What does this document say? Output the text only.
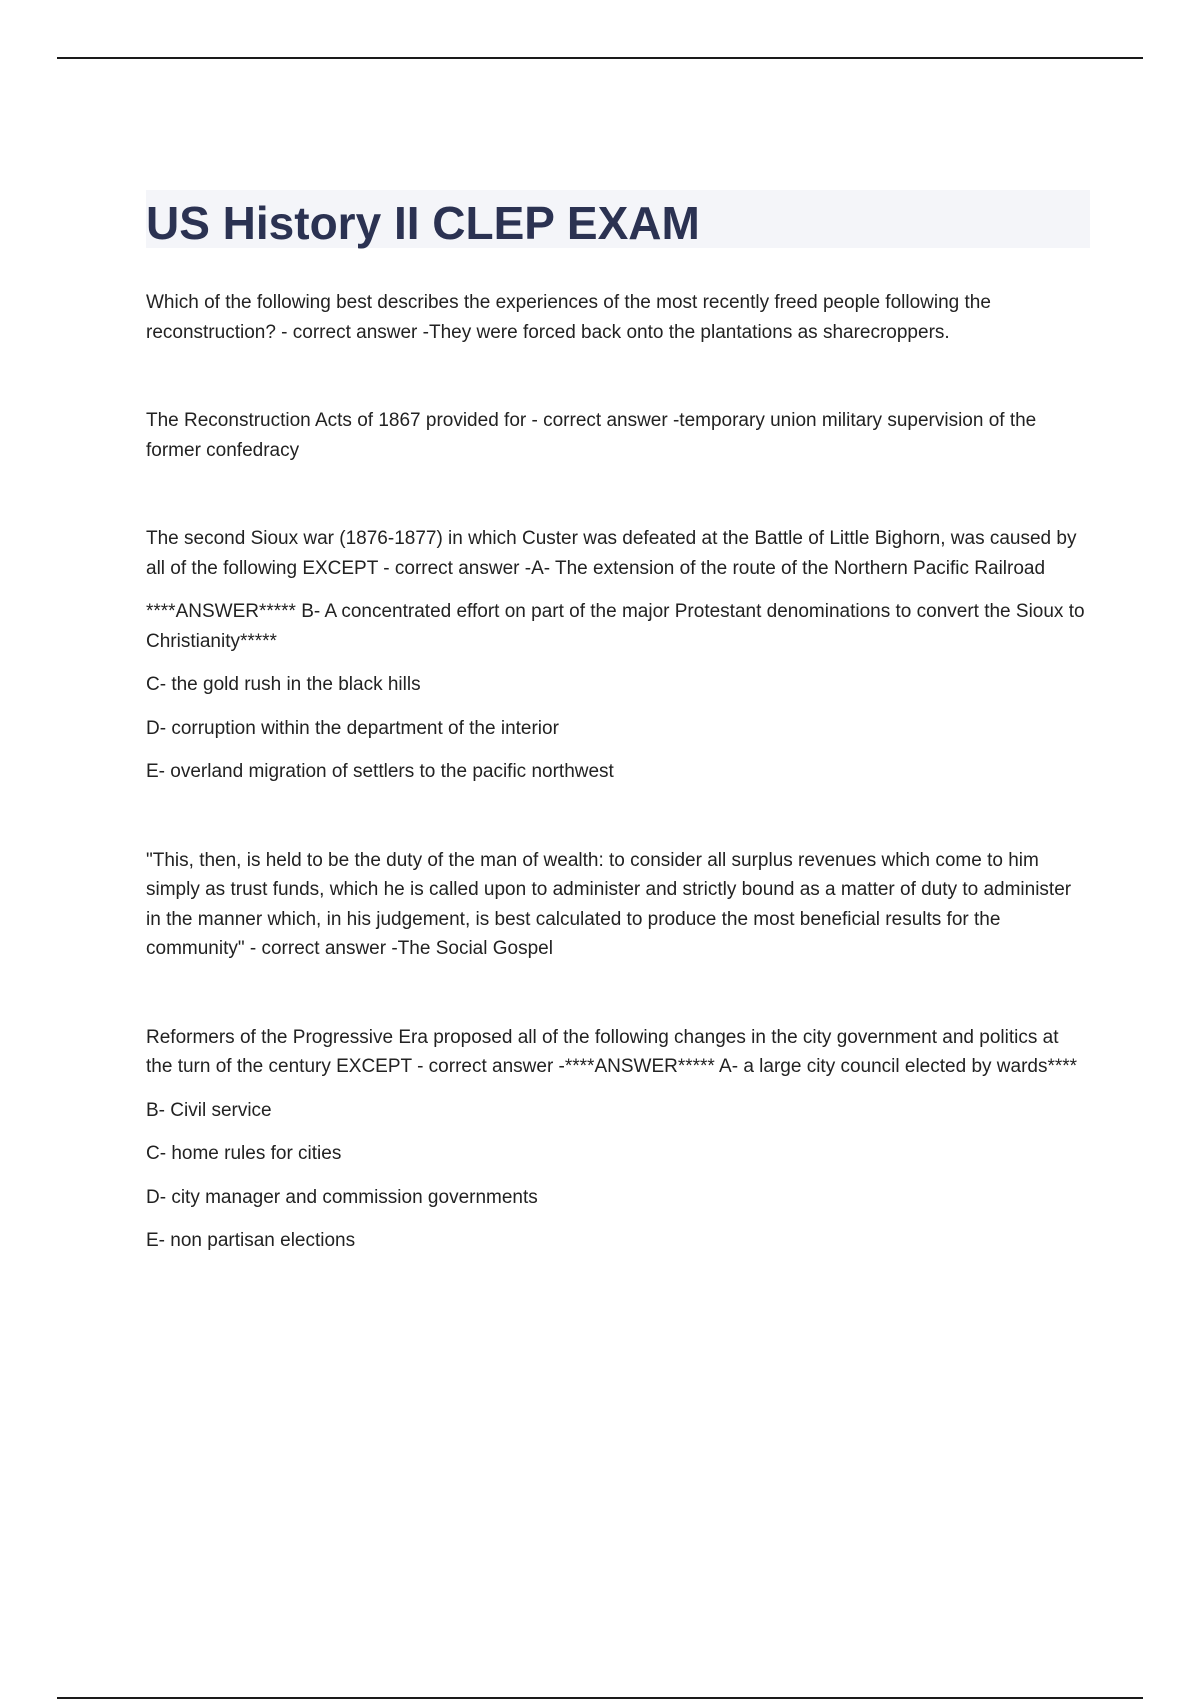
US History II CLEP EXAM

Which of the following best describes the experiences of the most recently freed people following the reconstruction? - correct answer -They were forced back onto the plantations as sharecroppers.

The Reconstruction Acts of 1867 provided for - correct answer -temporary union military supervision of the former confedracy

The second Sioux war (1876-1877) in which Custer was defeated at the Battle of Little Bighorn, was caused by all of the following EXCEPT - correct answer -A- The extension of the route of the Northern Pacific Railroad

****ANSWER***** B- A concentrated effort on part of the major Protestant denominations to convert the Sioux to Christianity*****

C- the gold rush in the black hills

D- corruption within the department of the interior

E- overland migration of settlers to the pacific northwest

"This, then, is held to be the duty of the man of wealth: to consider all surplus revenues which come to him simply as trust funds, which he is called upon to administer and strictly bound as a matter of duty to administer in the manner which, in his judgement, is best calculated to produce the most beneficial results for the community" - correct answer -The Social Gospel

Reformers of the Progressive Era proposed all of the following changes in the city government and politics at the turn of the century EXCEPT - correct answer -****ANSWER***** A- a large city council elected by wards****

B- Civil service

C- home rules for cities

D- city manager and commission governments

E- non partisan elections
